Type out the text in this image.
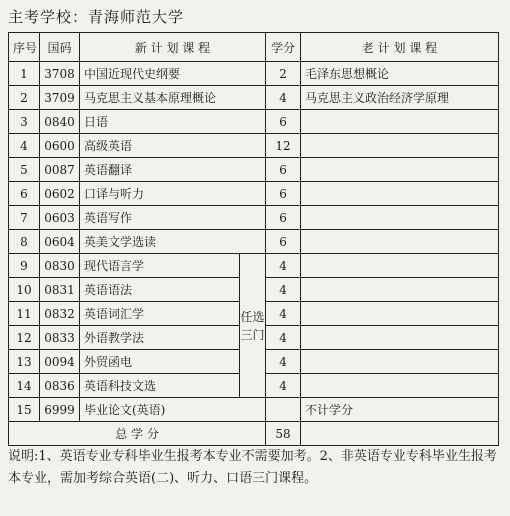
主考学校：青海师范大学
序号	国码	新 计 划 课 程		学分	老 计 划 课 程
1	3708	中国近现代史纲要		2	毛泽东思想概论
2	3709	马克思主义基本原理概论		4	马克思主义政治经济学原理
3	0840	日语		6	
4	0600	高级英语		12	
5	0087	英语翻译		6	
6	0602	口译与听力		6	
7	0603	英语写作		6	
8	0604	英美文学选读		6	
9	0830	现代语言学	任选三门	4	
10	0831	英语语法		4	
11	0832	英语词汇学		4	
12	0833	外语教学法		4	
13	0094	外贸函电		4	
14	0836	英语科技文选		4	
15	6999	毕业论文(英语)			不计学分
总 学 分				58	
说明:1、英语专业专科毕业生报考本专业不需要加考。2、非英语专业专科毕业生报考本专业，需加考综合英语(二)、听力、口语三门课程。
